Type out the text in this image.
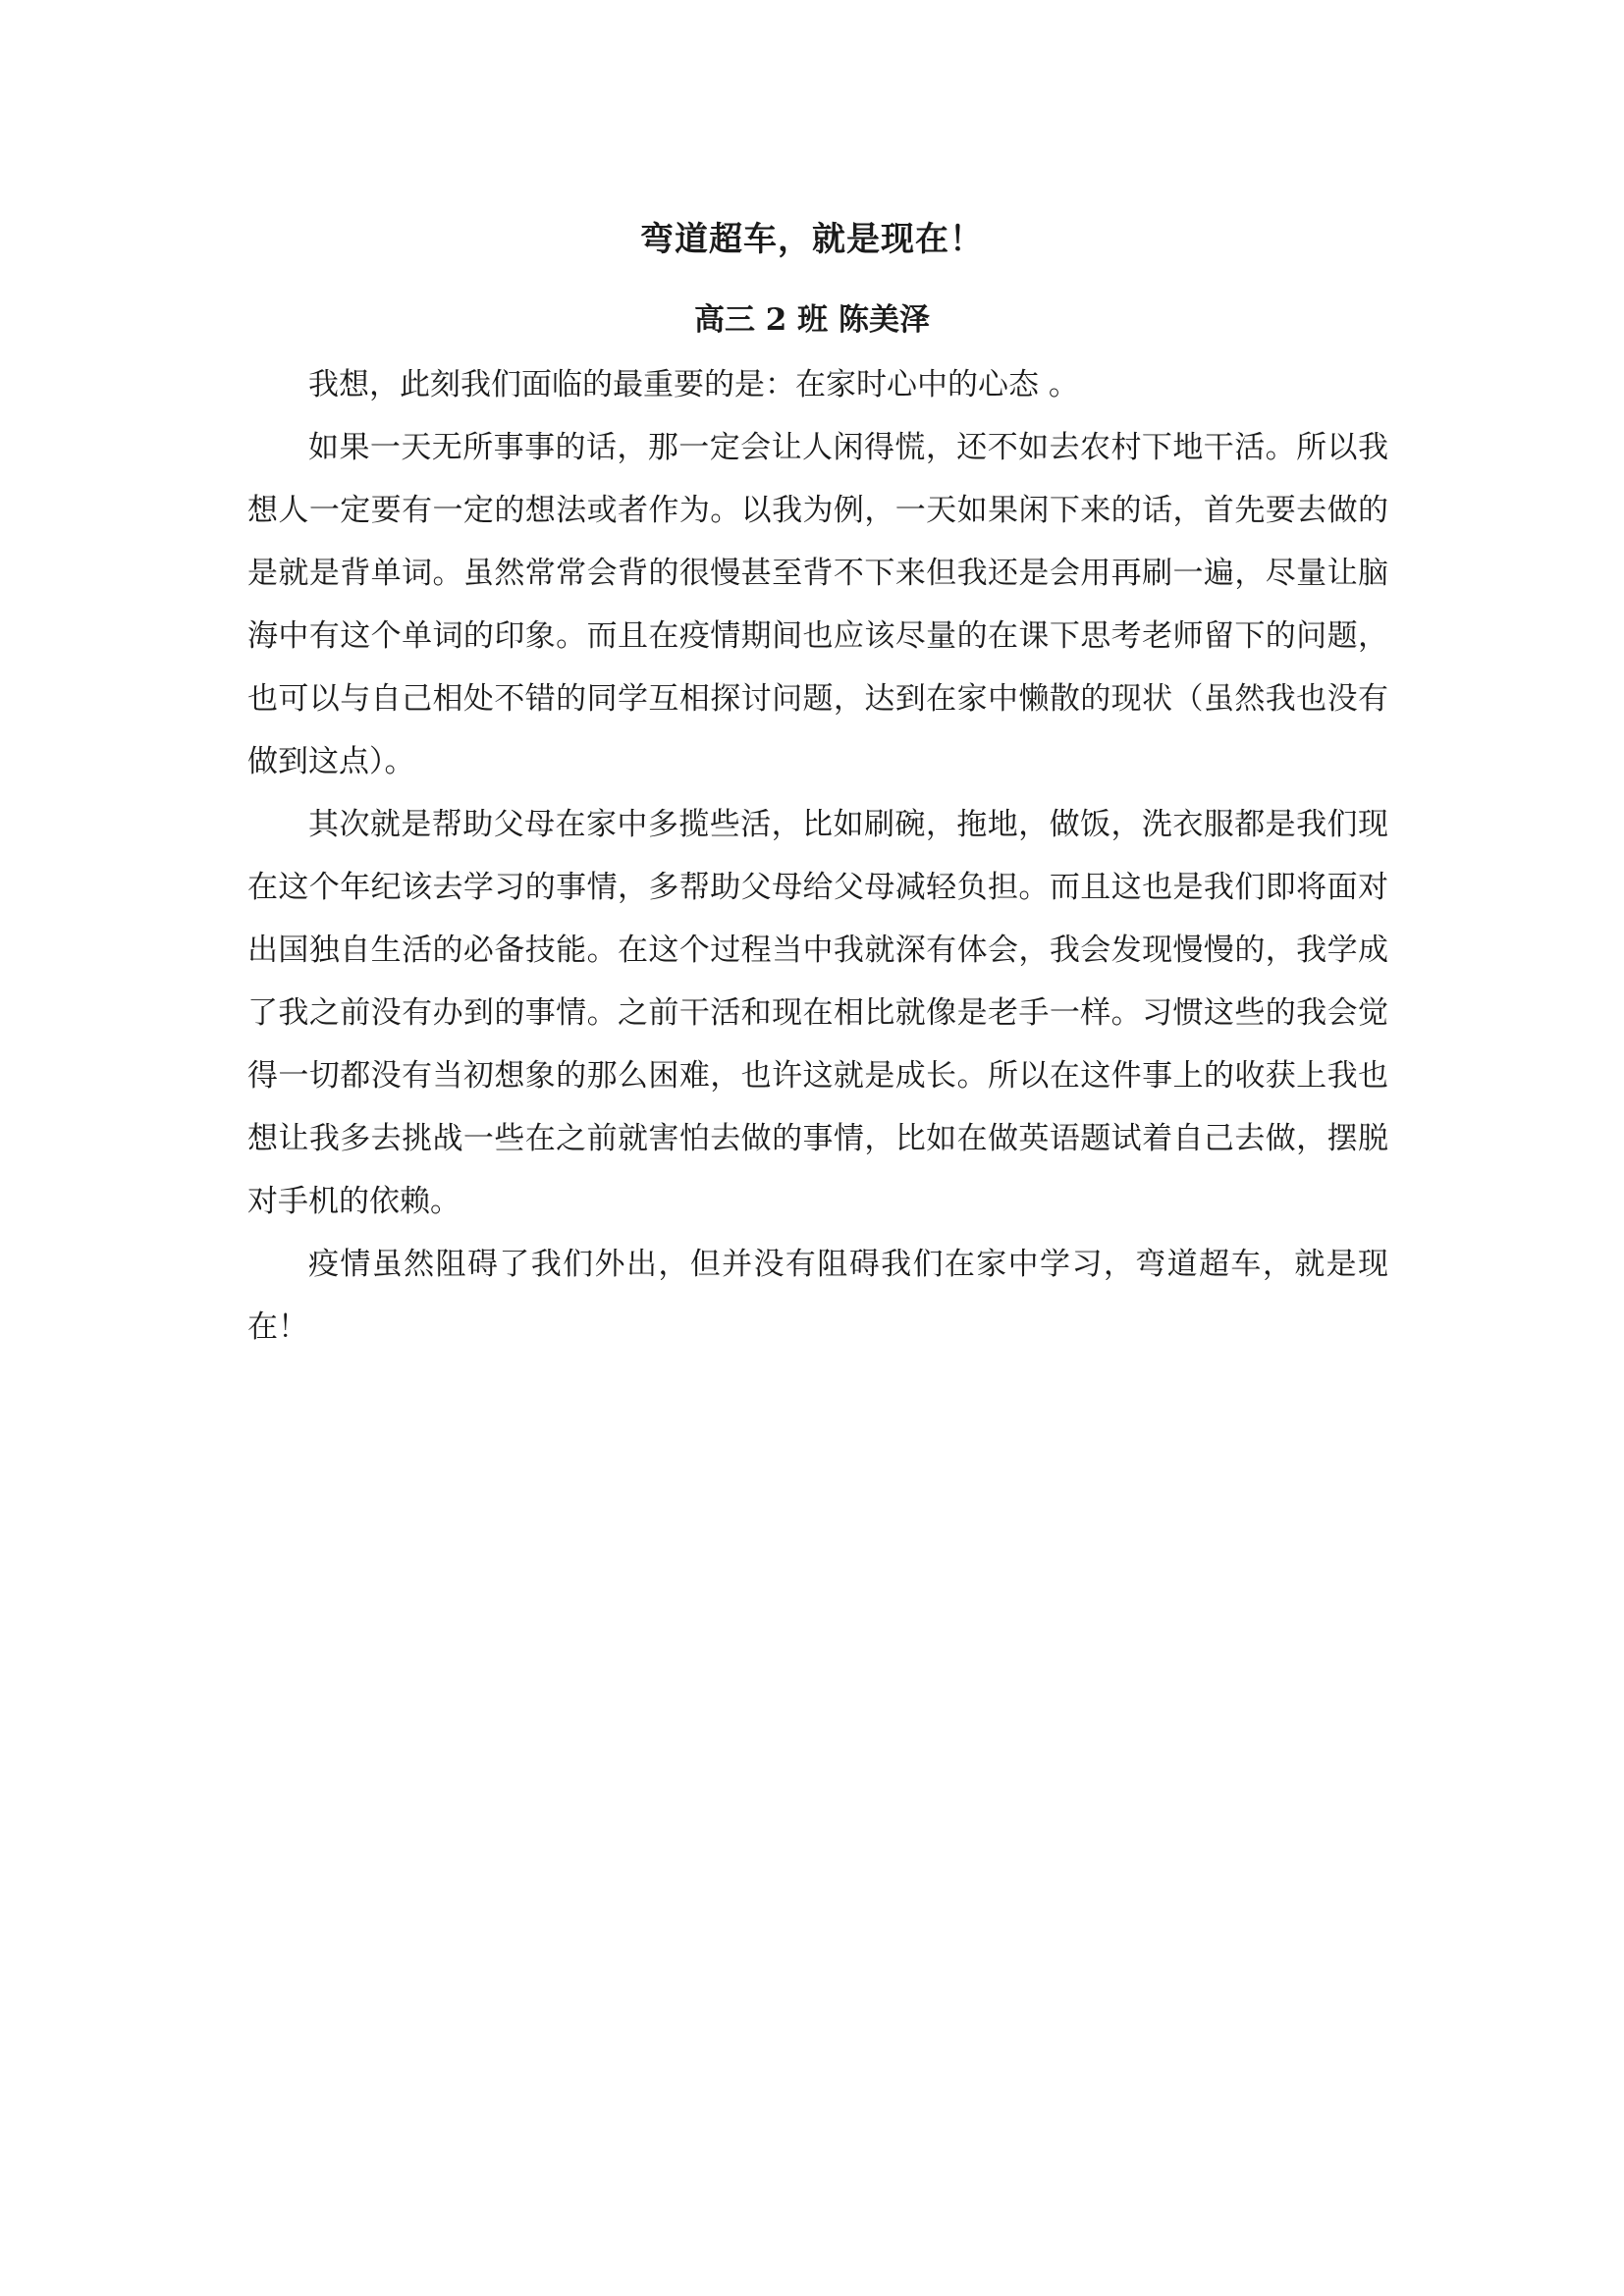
弯道超车，就是现在！
高三 2 班 陈美泽

我想，此刻我们面临的最重要的是：在家时心中的心态 。

如果一天无所事事的话，那一定会让人闲得慌，还不如去农村下地干活。所以我想人一定要有一定的想法或者作为。以我为例，一天如果闲下来的话，首先要去做的是就是背单词。虽然常常会背的很慢甚至背不下来但我还是会用再刷一遍，尽量让脑海中有这个单词的印象。而且在疫情期间也应该尽量的在课下思考老师留下的问题，也可以与自己相处不错的同学互相探讨问题，达到在家中懒散的现状（虽然我也没有做到这点）。

其次就是帮助父母在家中多揽些活，比如刷碗，拖地，做饭，洗衣服都是我们现在这个年纪该去学习的事情，多帮助父母给父母减轻负担。而且这也是我们即将面对出国独自生活的必备技能。在这个过程当中我就深有体会，我会发现慢慢的，我学成了我之前没有办到的事情。之前干活和现在相比就像是老手一样。习惯这些的我会觉得一切都没有当初想象的那么困难，也许这就是成长。所以在这件事上的收获上我也想让我多去挑战一些在之前就害怕去做的事情，比如在做英语题试着自己去做，摆脱对手机的依赖。

疫情虽然阻碍了我们外出，但并没有阻碍我们在家中学习，弯道超车，就是现在！
